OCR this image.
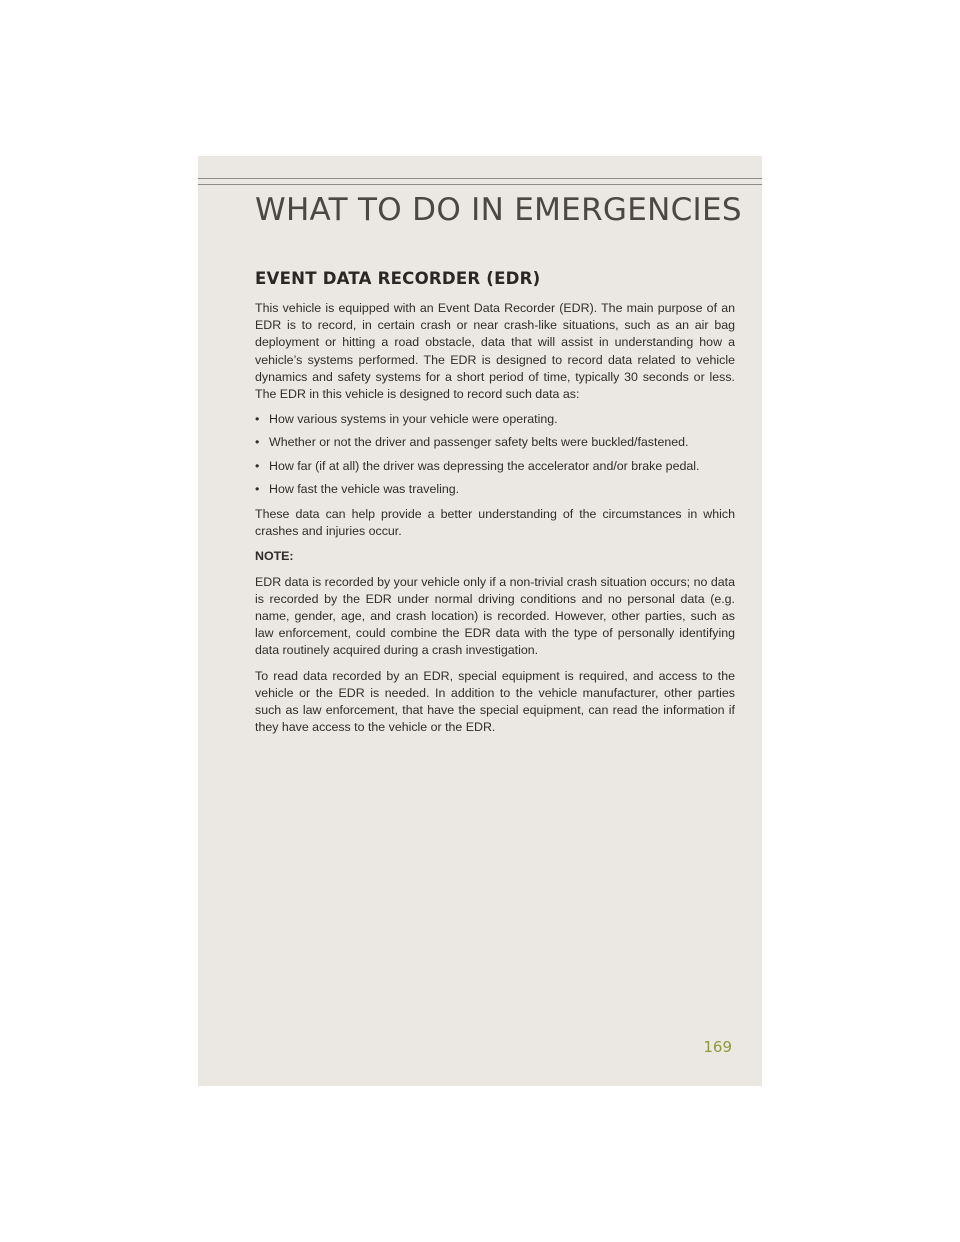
WHAT TO DO IN EMERGENCIES
EVENT DATA RECORDER (EDR)

This vehicle is equipped with an Event Data Recorder (EDR). The main purpose of an EDR is to record, in certain crash or near crash-like situations, such as an air bag deployment or hitting a road obstacle, data that will assist in understanding how a vehicle’s systems performed. The EDR is designed to record data related to vehicle dynamics and safety systems for a short period of time, typically 30 seconds or less. The EDR in this vehicle is designed to record such data as:

• How various systems in your vehicle were operating.
• Whether or not the driver and passenger safety belts were buckled/fastened.
• How far (if at all) the driver was depressing the accelerator and/or brake pedal.
• How fast the vehicle was traveling.

These data can help provide a better understanding of the circumstances in which crashes and injuries occur.

NOTE:

EDR data is recorded by your vehicle only if a non-trivial crash situation occurs; no data is recorded by the EDR under normal driving conditions and no personal data (e.g. name, gender, age, and crash location) is recorded. However, other parties, such as law enforcement, could combine the EDR data with the type of personally identifying data routinely acquired during a crash investigation.

To read data recorded by an EDR, special equipment is required, and access to the vehicle or the EDR is needed. In addition to the vehicle manufacturer, other parties such as law enforcement, that have the special equipment, can read the information if they have access to the vehicle or the EDR.

169
